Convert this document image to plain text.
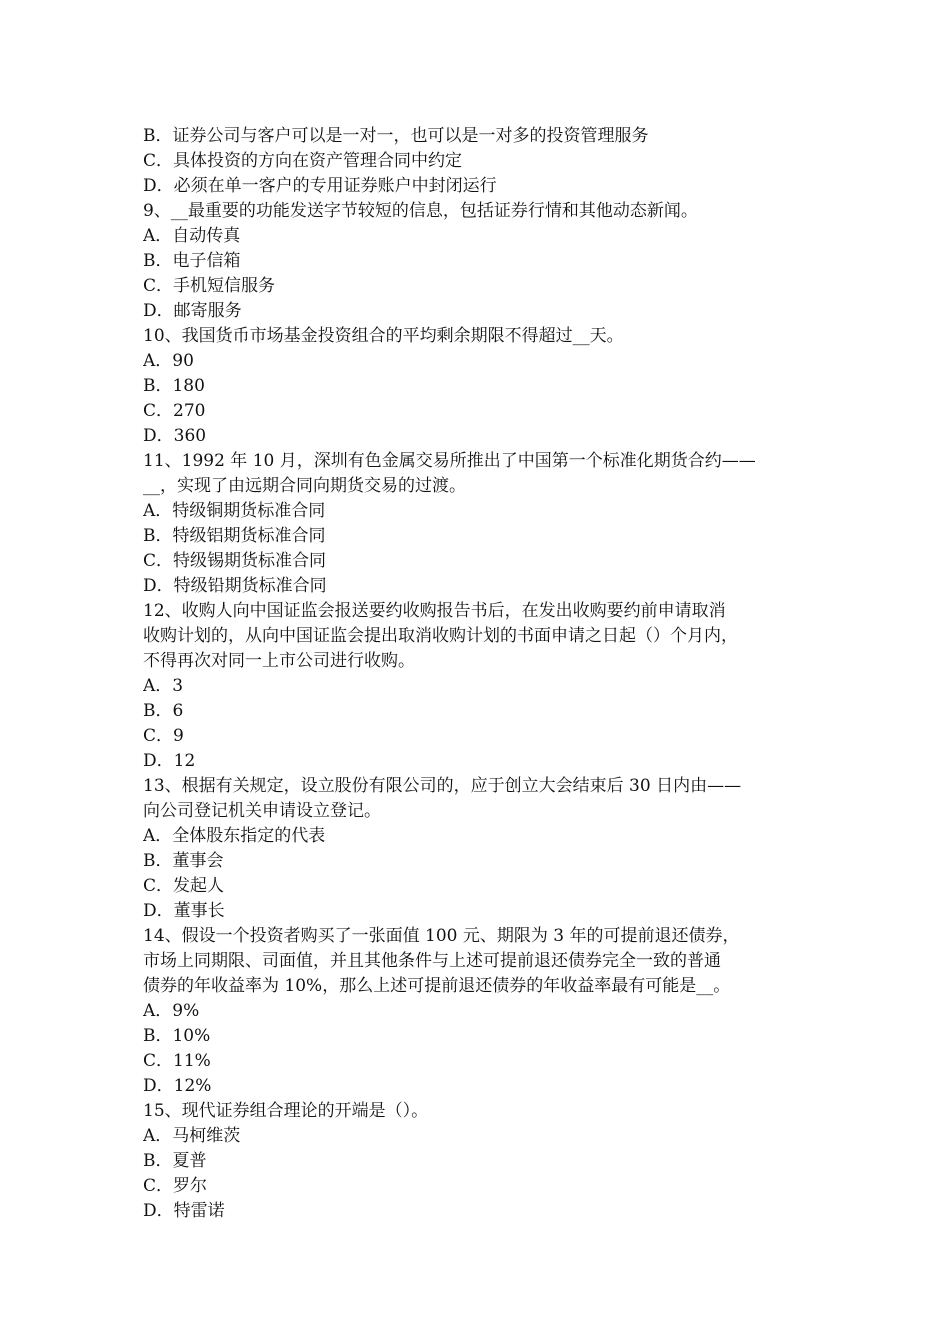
B．证券公司与客户可以是一对一，也可以是一对多的投资管理服务
C．具体投资的方向在资产管理合同中约定
D．必须在单一客户的专用证券账户中封闭运行
9、__最重要的功能发送字节较短的信息，包括证券行情和其他动态新闻。
A．自动传真
B．电子信箱
C．手机短信服务
D．邮寄服务
10、我国货币市场基金投资组合的平均剩余期限不得超过__天。
A．90
B．180
C．270
D．360
11、1992 年 10 月，深圳有色金属交易所推出了中国第一个标准化期货合约——
__，实现了由远期合同向期货交易的过渡。
A．特级铜期货标准合同
B．特级铝期货标准合同
C．特级锡期货标准合同
D．特级铅期货标准合同
12、收购人向中国证监会报送要约收购报告书后，在发出收购要约前申请取消
收购计划的，从向中国证监会提出取消收购计划的书面申请之日起（）个月内，
不得再次对同一上市公司进行收购。
A．3
B．6
C．9
D．12
13、根据有关规定，设立股份有限公司的，应于创立大会结束后 30 日内由——
向公司登记机关申请设立登记。
A．全体股东指定的代表
B．董事会
C．发起人
D．董事长
14、假设一个投资者购买了一张面值 100 元、期限为 3 年的可提前退还债券，
市场上同期限、司面值，并且其他条件与上述可提前退还债券完全一致的普通
债券的年收益率为 10%，那么上述可提前退还债券的年收益率最有可能是__。
A．9%
B．10%
C．11%
D．12%
15、现代证券组合理论的开端是（）。
A．马柯维茨
B．夏普
C．罗尔
D．特雷诺
